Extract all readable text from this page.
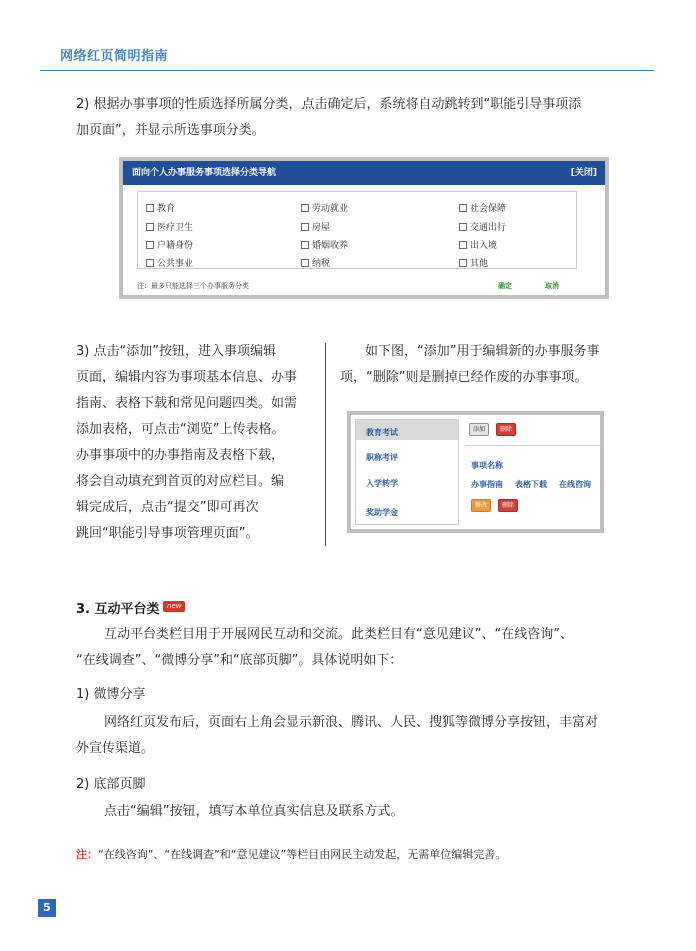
网络红页简明指南
2) 根据办事事项的性质选择所属分类，点击确定后，系统将自动跳转到“职能引导事项添
加页面”，并显示所选事项分类。
面向个人办事服务事项选择分类导航	[关闭]
教育	劳动就业	社会保障
医疗卫生	房屋	交通出行
户籍身份	婚姻收养	出入境
公共事业	纳税	其他
注：最多只能选择三个办事服务分类	确定	取消
3) 点击“添加”按钮，进入事项编辑
页面，编辑内容为事项基本信息、办事
指南、表格下载和常见问题四类。如需
添加表格，可点击“浏览”上传表格。
办事事项中的办事指南及表格下载，
将会自动填充到首页的对应栏目。编
辑完成后，点击“提交”即可再次
跳回“职能引导事项管理页面”。
如下图，“添加”用于编辑新的办事服务事
项，“删除”则是删掉已经作废的办事事项。
教育考试
职称考评
入学转学
奖助学金
添加	删除
事项名称
办事指南 表格下载 在线咨询
修改	删除
3. 互动平台类	new
互动平台类栏目用于开展网民互动和交流。此类栏目有“意见建议”、“在线咨询”、
“在线调查”、“微博分享”和“底部页脚”。具体说明如下：
1) 微博分享
网络红页发布后，页面右上角会显示新浪、腾讯、人民、搜狐等微博分享按钮，丰富对
外宣传渠道。
2) 底部页脚
点击“编辑”按钮，填写本单位真实信息及联系方式。
注：“在线咨询”、“在线调查”和“意见建议”等栏目由网民主动发起，无需单位编辑完善。
5
